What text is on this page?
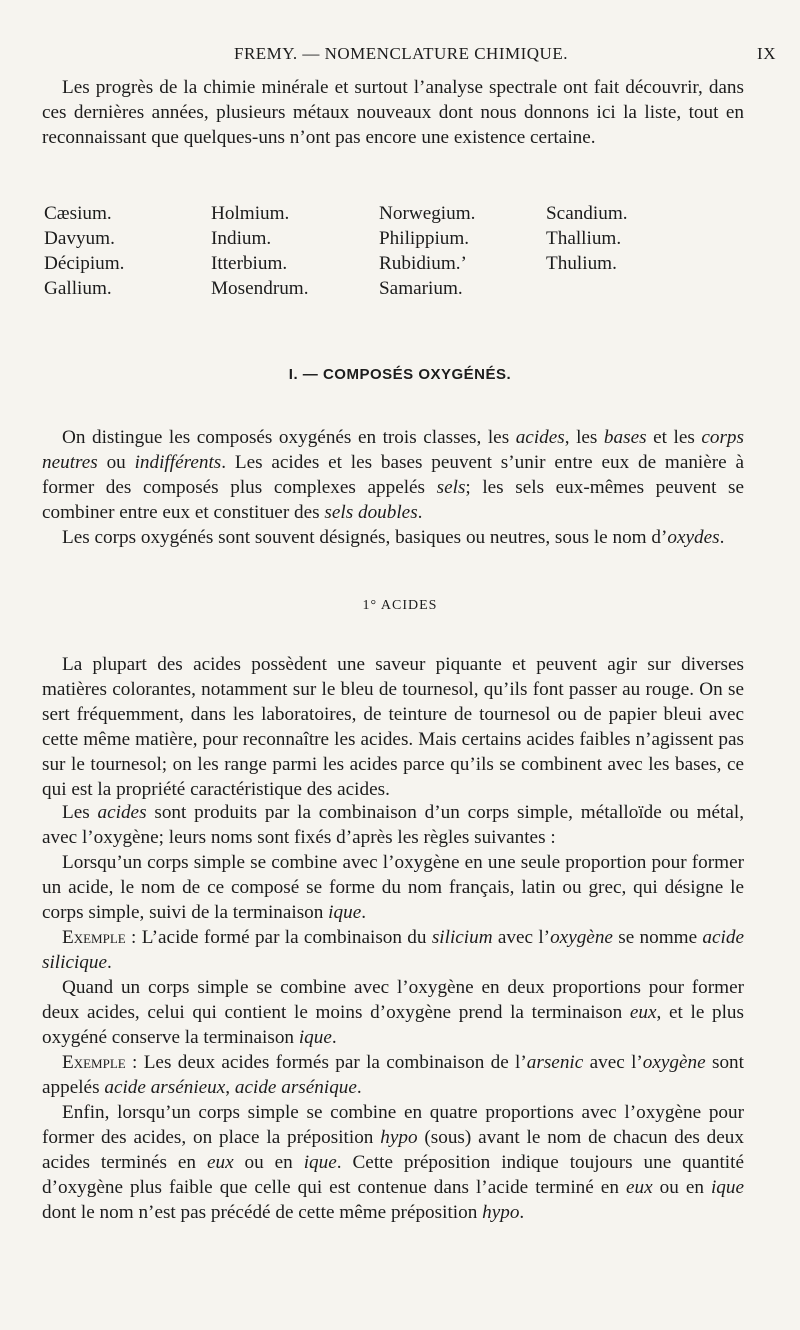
FREMY. — NOMENCLATURE CHIMIQUE.	IX

Les progrès de la chimie minérale et surtout l’analyse spectrale ont fait découvrir, dans ces dernières années, plusieurs métaux nouveaux dont nous donnons ici la liste, tout en reconnaissant que quelques-uns n’ont pas encore une existence certaine.

Cæsium.
Davyum.
Décipium.
Gallium.
Holmium.
Indium.
Itterbium.
Mosendrum.
Norwegium.
Philippium.
Rubidium.’
Samarium.
Scandium.
Thallium.
Thulium.
I. — COMPOSÉS OXYGÉNÉS.

On distingue les composés oxygénés en trois classes, les acides, les bases et les corps neutres ou indifférents. Les acides et les bases peuvent s’unir entre eux de manière à former des composés plus complexes appelés sels; les sels eux-mêmes peuvent se combiner entre eux et constituer des sels doubles.

Les corps oxygénés sont souvent désignés, basiques ou neutres, sous le nom d’oxydes.

1° ACIDES

La plupart des acides possèdent une saveur piquante et peuvent agir sur diverses matières colorantes, notamment sur le bleu de tournesol, qu’ils font passer au rouge. On se sert fréquemment, dans les laboratoires, de teinture de tournesol ou de papier bleui avec cette même matière, pour reconnaître les acides. Mais certains acides faibles n’agissent pas sur le tournesol; on les range parmi les acides parce qu’ils se combinent avec les bases, ce qui est la propriété caractéristique des acides.

Les acides sont produits par la combinaison d’un corps simple, métalloïde ou métal, avec l’oxygène; leurs noms sont fixés d’après les règles suivantes :

Lorsqu’un corps simple se combine avec l’oxygène en une seule proportion pour former un acide, le nom de ce composé se forme du nom français, latin ou grec, qui désigne le corps simple, suivi de la terminaison ique.

Exemple : L’acide formé par la combinaison du silicium avec l’oxygène se nomme acide silicique.

Quand un corps simple se combine avec l’oxygène en deux proportions pour former deux acides, celui qui contient le moins d’oxygène prend la terminaison eux, et le plus oxygéné conserve la terminaison ique.

Exemple : Les deux acides formés par la combinaison de l’arsenic avec l’oxygène sont appelés acide arsénieux, acide arsénique.

Enfin, lorsqu’un corps simple se combine en quatre proportions avec l’oxygène pour former des acides, on place la préposition hypo (sous) avant le nom de chacun des deux acides terminés en eux ou en ique. Cette préposition indique toujours une quantité d’oxygène plus faible que celle qui est contenue dans l’acide terminé en eux ou en ique dont le nom n’est pas précédé de cette même préposition hypo.
